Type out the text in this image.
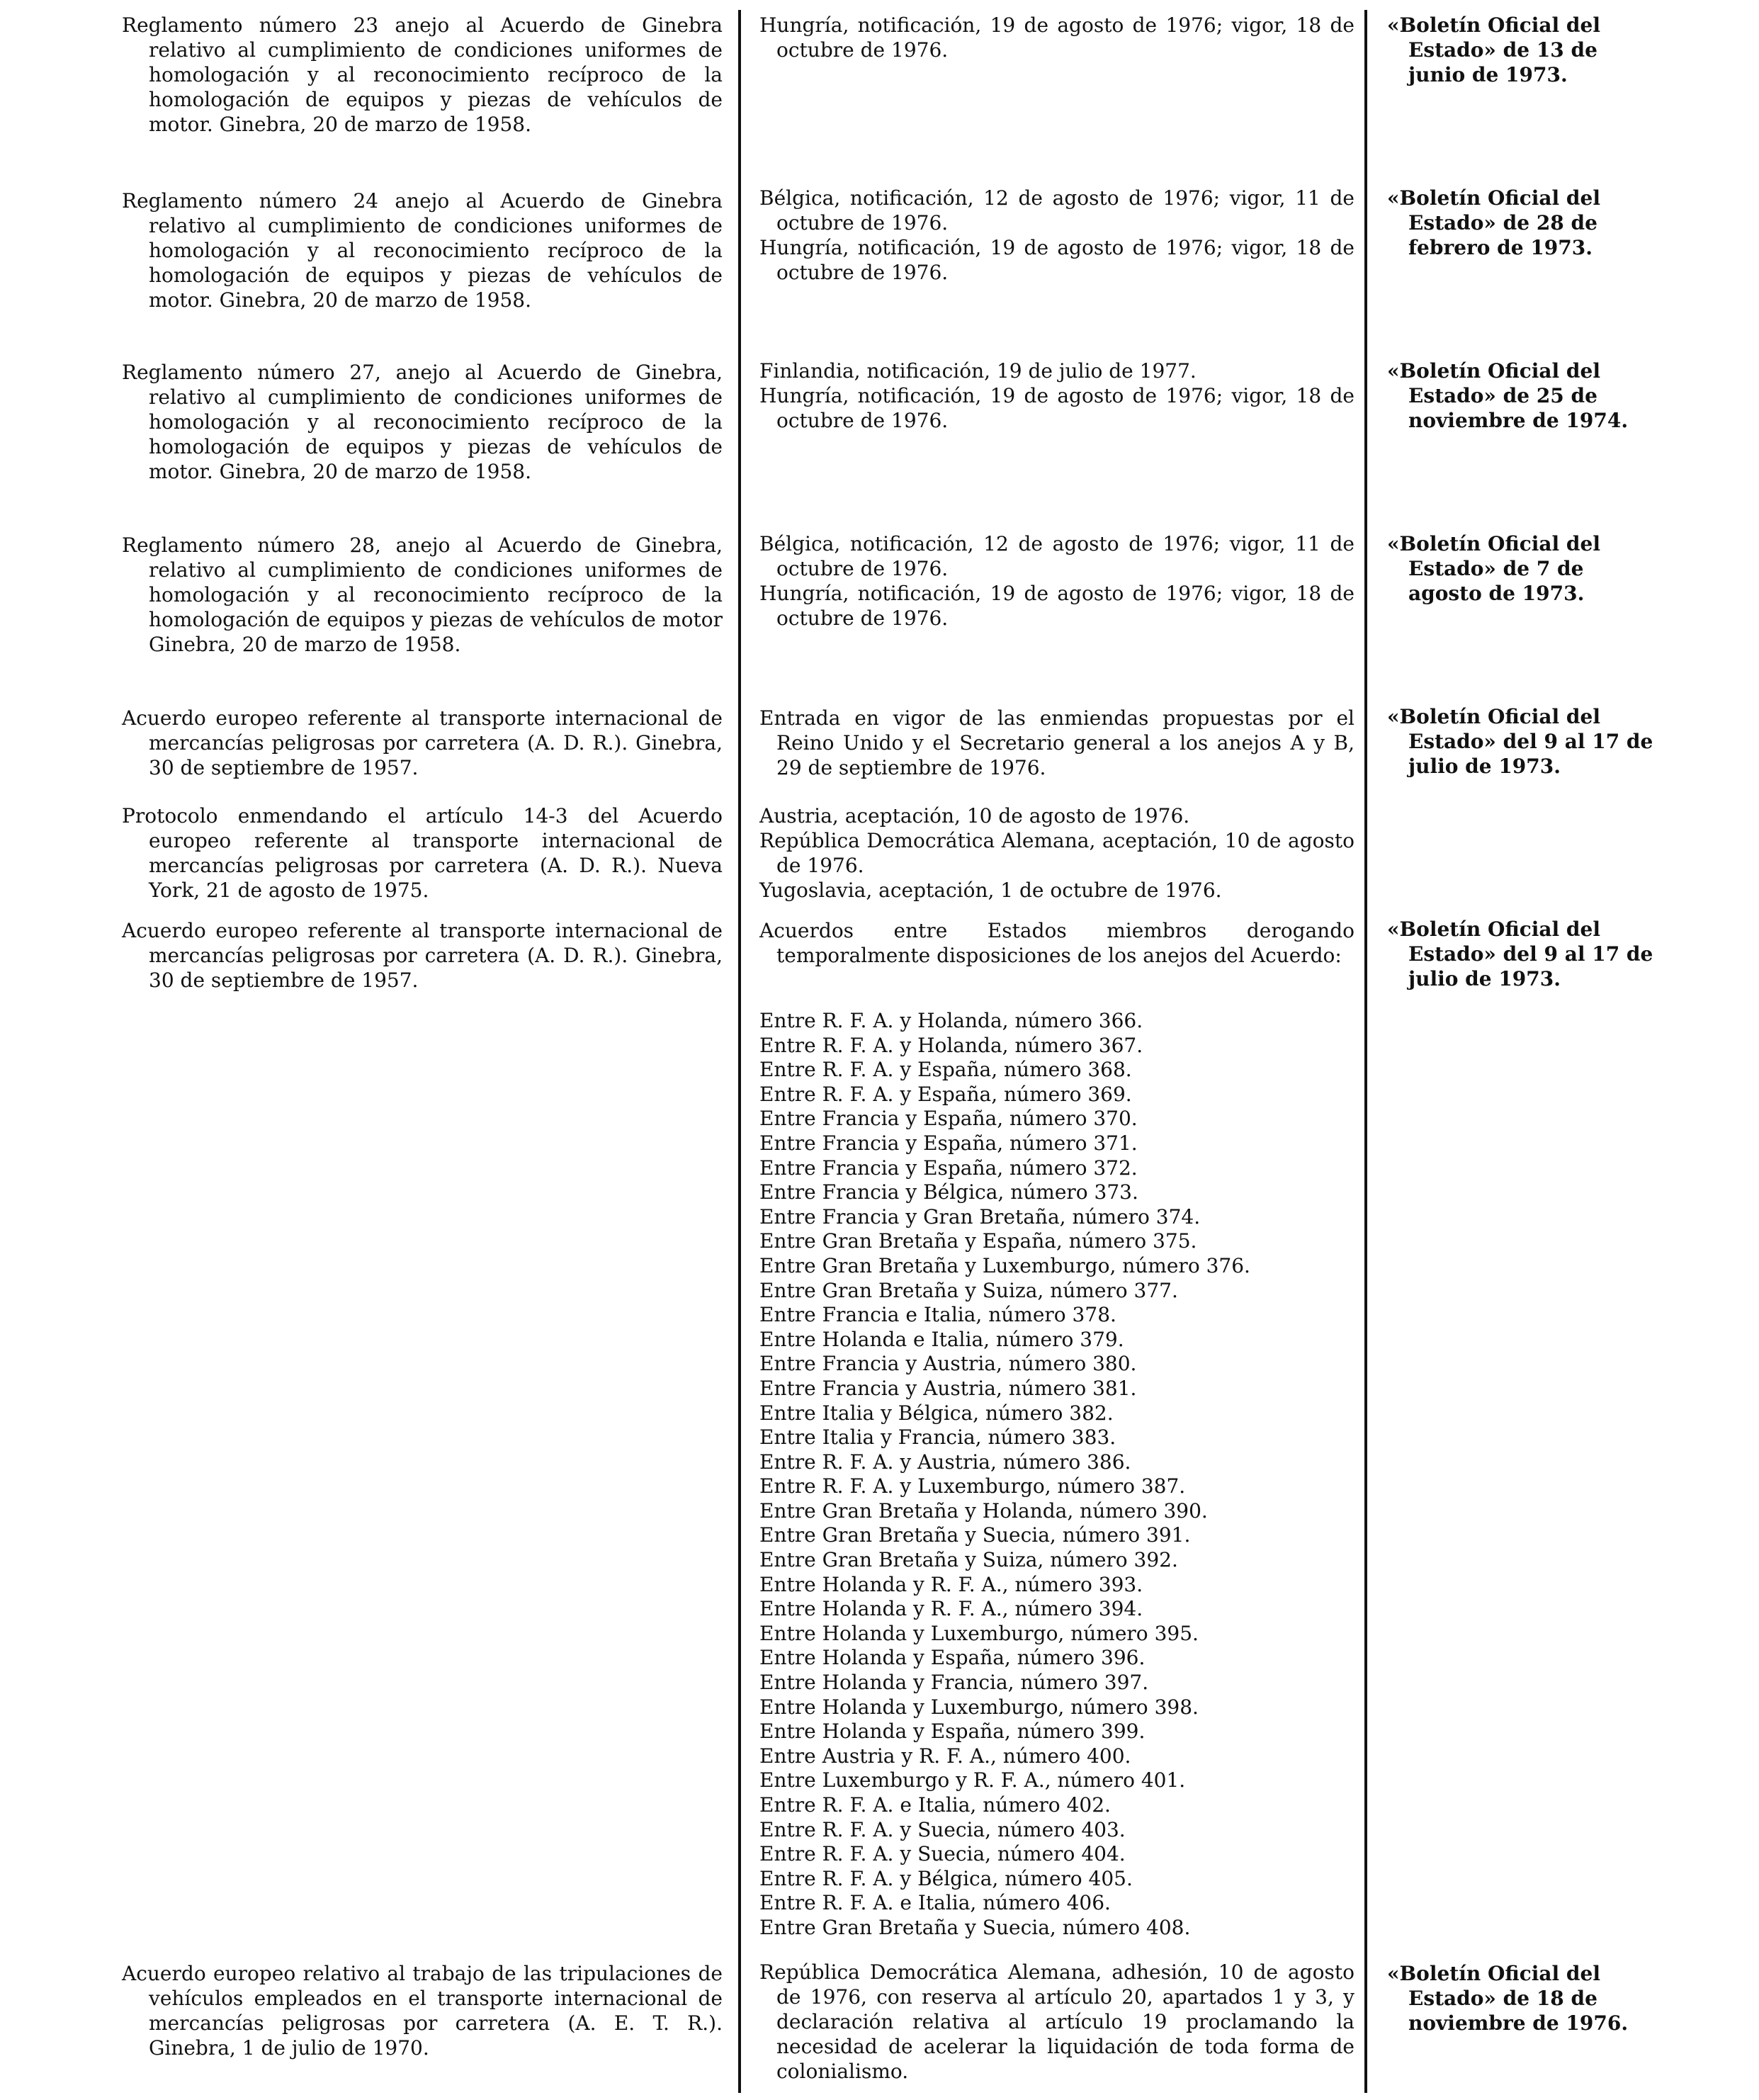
Reglamento número 23 anejo al Acuerdo de Ginebra relativo al cumplimiento de condiciones uniformes de homologación y al reconocimiento recíproco de la homologación de equipos y piezas de vehículos de motor. Ginebra, 20 de marzo de 1958.

Hungría, notificación, 19 de agosto de 1976; vigor, 18 de octubre de 1976.

«Boletín Oficial del Estado» de 13 de junio de 1973.

Reglamento número 24 anejo al Acuerdo de Ginebra relativo al cumplimiento de condiciones uniformes de homologación y al reconocimiento recíproco de la homologación de equipos y piezas de vehículos de motor. Ginebra, 20 de marzo de 1958.

Bélgica, notificación, 12 de agosto de 1976; vigor, 11 de octubre de 1976.

Hungría, notificación, 19 de agosto de 1976; vigor, 18 de octubre de 1976.

«Boletín Oficial del Estado» de 28 de febrero de 1973.

Reglamento número 27, anejo al Acuerdo de Ginebra, relativo al cumplimiento de condiciones uniformes de homologación y al reconocimiento recíproco de la homologación de equipos y piezas de vehículos de motor. Ginebra, 20 de marzo de 1958.

Finlandia, notificación, 19 de julio de 1977.

Hungría, notificación, 19 de agosto de 1976; vigor, 18 de octubre de 1976.

«Boletín Oficial del Estado» de 25 de noviembre de 1974.

Reglamento número 28, anejo al Acuerdo de Ginebra, relativo al cumplimiento de condiciones uniformes de homologación y al reconocimiento recíproco de la homologación de equipos y piezas de vehículos de motor Ginebra, 20 de marzo de 1958.

Bélgica, notificación, 12 de agosto de 1976; vigor, 11 de octubre de 1976.

Hungría, notificación, 19 de agosto de 1976; vigor, 18 de octubre de 1976.

«Boletín Oficial del Estado» de 7 de agosto de 1973.

Acuerdo europeo referente al transporte internacional de mercancías peligrosas por carretera (A. D. R.). Ginebra, 30 de septiembre de 1957.

Entrada en vigor de las enmiendas propuestas por el Reino Unido y el Secretario general a los anejos A y B, 29 de septiembre de 1976.

«Boletín Oficial del Estado» del 9 al 17 de julio de 1973.

Protocolo enmendando el artículo 14-3 del Acuerdo europeo referente al transporte internacional de mercancías peligrosas por carretera (A. D. R.). Nueva York, 21 de agosto de 1975.

Austria, aceptación, 10 de agosto de 1976.

República Democrática Alemana, aceptación, 10 de agosto de 1976.

Yugoslavia, aceptación, 1 de octubre de 1976.

Acuerdo europeo referente al transporte internacional de mercancías peligrosas por carretera (A. D. R.). Ginebra, 30 de septiembre de 1957.

Acuerdos entre Estados miembros derogando temporalmente disposiciones de los anejos del Acuerdo:

«Boletín Oficial del Estado» del 9 al 17 de julio de 1973.

Entre R. F. A. y Holanda, número 366.
Entre R. F. A. y Holanda, número 367.
Entre R. F. A. y España, número 368.
Entre R. F. A. y España, número 369.
Entre Francia y España, número 370.
Entre Francia y España, número 371.
Entre Francia y España, número 372.
Entre Francia y Bélgica, número 373.
Entre Francia y Gran Bretaña, número 374.
Entre Gran Bretaña y España, número 375.
Entre Gran Bretaña y Luxemburgo, número 376.
Entre Gran Bretaña y Suiza, número 377.
Entre Francia e Italia, número 378.
Entre Holanda e Italia, número 379.
Entre Francia y Austria, número 380.
Entre Francia y Austria, número 381.
Entre Italia y Bélgica, número 382.
Entre Italia y Francia, número 383.
Entre R. F. A. y Austria, número 386.
Entre R. F. A. y Luxemburgo, número 387.
Entre Gran Bretaña y Holanda, número 390.
Entre Gran Bretaña y Suecia, número 391.
Entre Gran Bretaña y Suiza, número 392.
Entre Holanda y R. F. A., número 393.
Entre Holanda y R. F. A., número 394.
Entre Holanda y Luxemburgo, número 395.
Entre Holanda y España, número 396.
Entre Holanda y Francia, número 397.
Entre Holanda y Luxemburgo, número 398.
Entre Holanda y España, número 399.
Entre Austria y R. F. A., número 400.
Entre Luxemburgo y R. F. A., número 401.
Entre R. F. A. e Italia, número 402.
Entre R. F. A. y Suecia, número 403.
Entre R. F. A. y Suecia, número 404.
Entre R. F. A. y Bélgica, número 405.
Entre R. F. A. e Italia, número 406.
Entre Gran Bretaña y Suecia, número 408.

Acuerdo europeo relativo al trabajo de las tripulaciones de vehículos empleados en el transporte internacional de mercancías peligrosas por carretera (A. E. T. R.). Ginebra, 1 de julio de 1970.

República Democrática Alemana, adhesión, 10 de agosto de 1976, con reserva al artículo 20, apartados 1 y 3, y declaración relativa al artículo 19 proclamando la necesidad de acelerar la liquidación de toda forma de colonialismo.

«Boletín Oficial del Estado» de 18 de noviembre de 1976.
